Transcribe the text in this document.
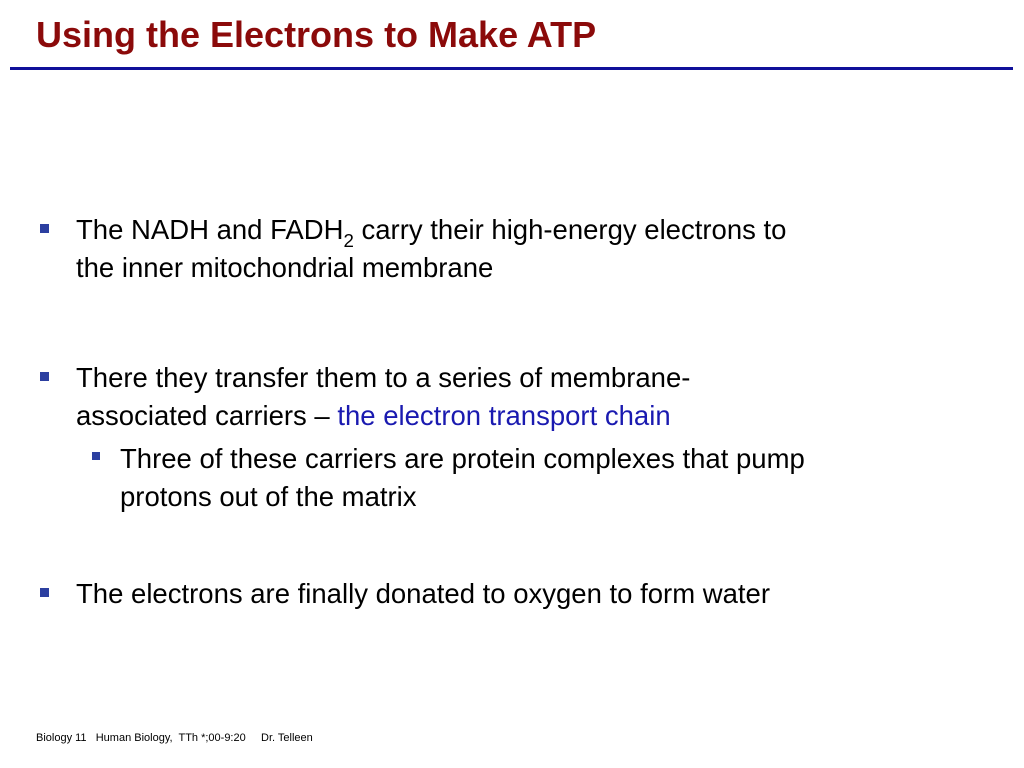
Using the Electrons to Make ATP
The NADH and $FADH_2$ carry their high-energy electrons to
the inner mitochondrial membrane
There they transfer them to a series of membrane-
associated carriers – the electron transport chain
Three of these carriers are protein complexes that pump
protons out of the matrix
The electrons are finally donated to oxygen to form water
Biology 11   Human Biology,  TTh *;00-9:20     Dr. Telleen
